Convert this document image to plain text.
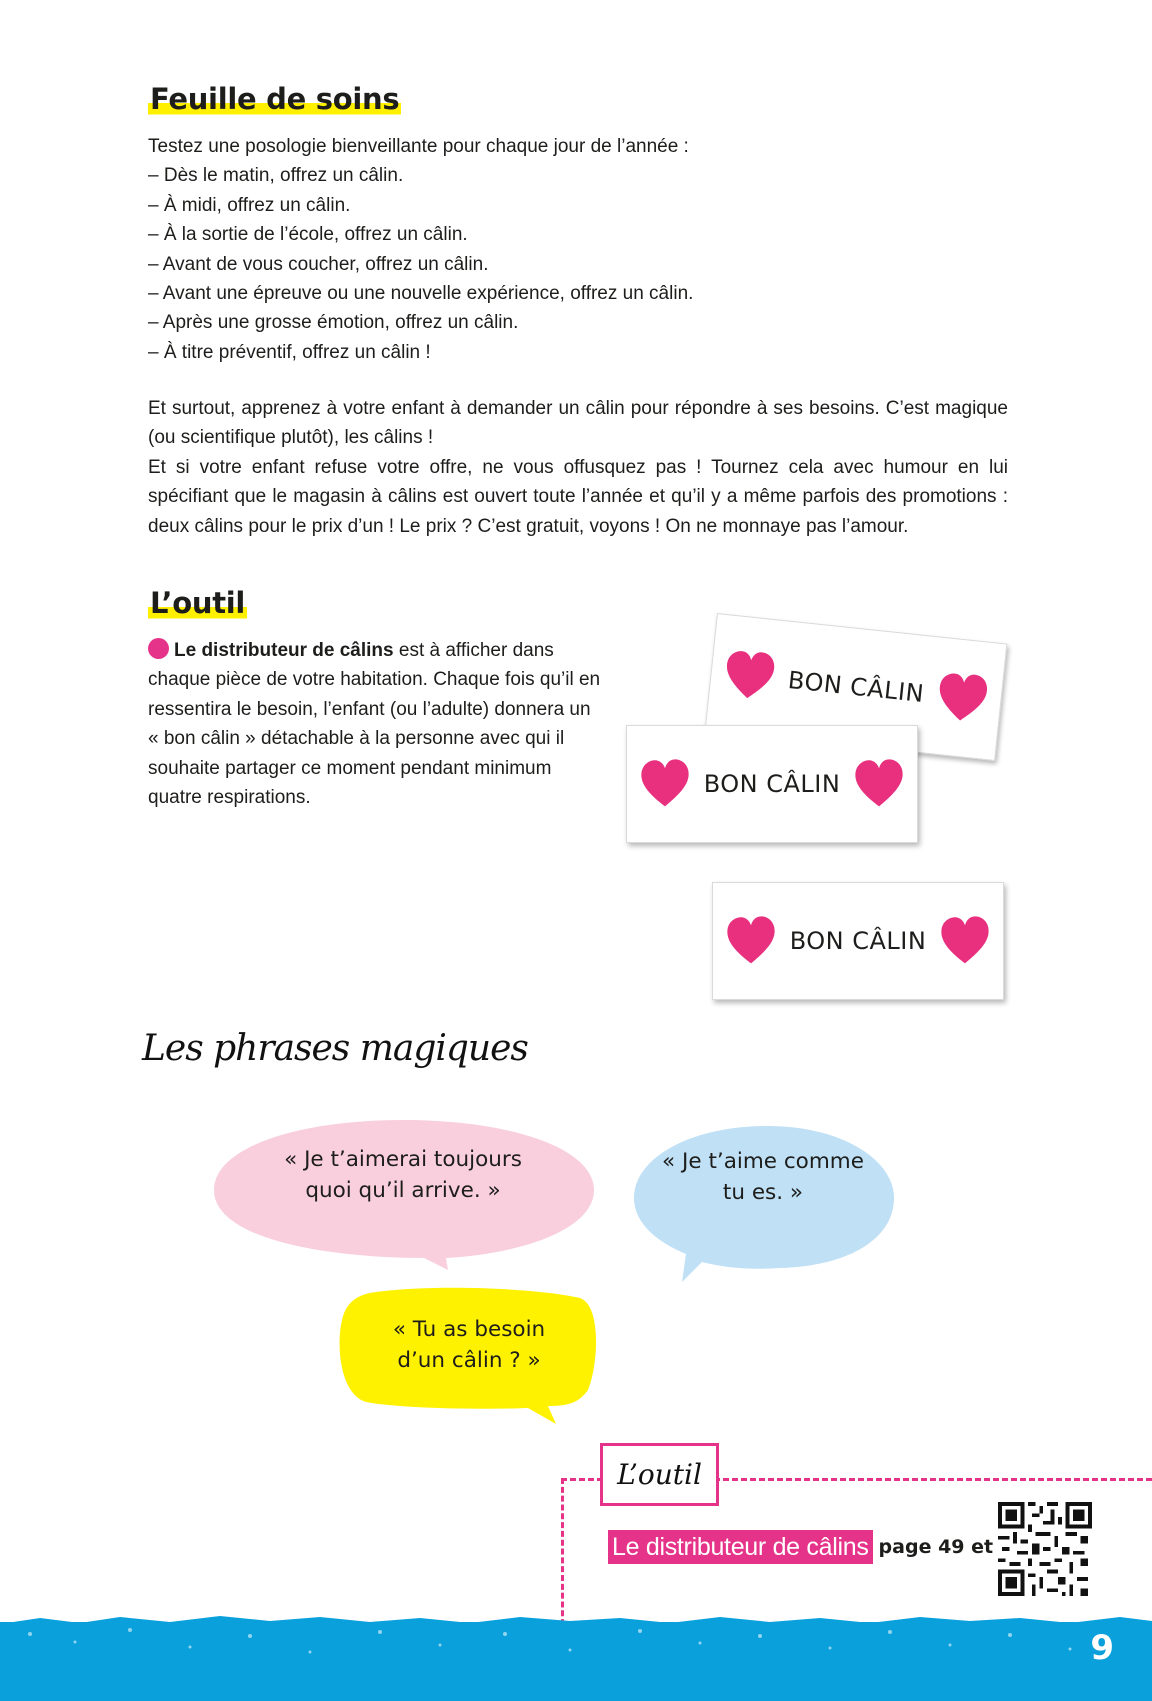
Feuille de soins
Testez une posologie bienveillante pour chaque jour de l’année :
– Dès le matin, offrez un câlin.
– À midi, offrez un câlin.
– À la sortie de l’école, offrez un câlin.
– Avant de vous coucher, offrez un câlin.
– Avant une épreuve ou une nouvelle expérience, offrez un câlin.
– Après une grosse émotion, offrez un câlin.
– À titre préventif, offrez un câlin !

Et surtout, apprenez à votre enfant à demander un câlin pour répondre à ses besoins. C’est magique (ou scientifique plutôt), les câlins !

Et si votre enfant refuse votre offre, ne vous offusquez pas ! Tournez cela avec humour en lui spécifiant que le magasin à câlins est ouvert toute l’année et qu’il y a même parfois des promotions : deux câlins pour le prix d’un ! Le prix ? C’est gratuit, voyons ! On ne monnaye pas l’amour.

L’outil
Le distributeur de câlins est à afficher dans chaque pièce de votre habitation. Chaque fois qu’il en ressentira le besoin, l’enfant (ou l’adulte) donnera un « bon câlin » détachable à la personne avec qui il souhaite partager ce moment pendant minimum quatre respirations.
BON CÂLIN
BON CÂLIN
BON CÂLIN
Les phrases magiques
« Je t’aimerai toujours
quoi qu’il arrive. »
« Je t’aime comme
tu es. »
« Tu as besoin
d’un câlin ? »
L’outil
Le distributeur de câlins page 49 et
9
